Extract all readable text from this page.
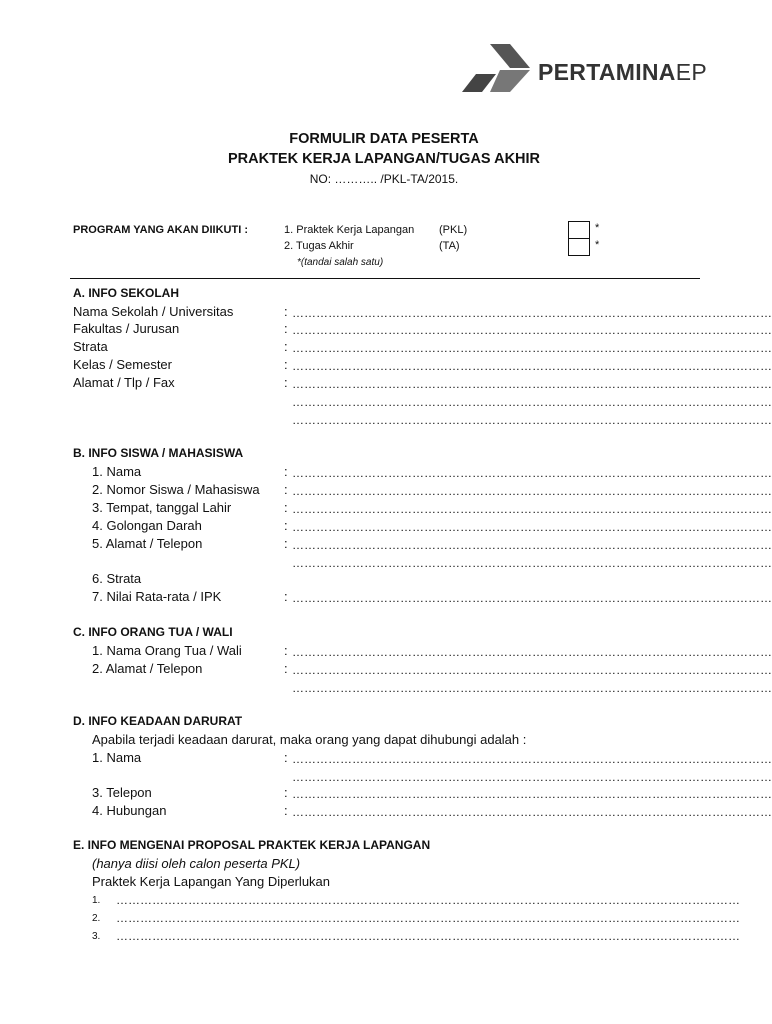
PERTAMINAEP
FORMULIR DATA PESERTA
PRAKTEK KERJA LAPANGAN/TUGAS AKHIR
NO: ……….. /PKL-TA/2015.
PROGRAM YANG AKAN DIIKUTI :	1. Praktek Kerja Lapangan (PKL)
2. Tugas Akhir	(TA)
*
*
*(tandai salah satu)
A. INFO SEKOLAH
Nama Sekolah / Universitas	: …………………………………………………………………………………………………………
Fakultas / Jurusan	: …………………………………………………………………………………………………………
Strata	: …………………………………………………………………………………………………………
Kelas / Semester	: …………………………………………………………………………………………………………
Alamat / Tlp / Fax	: …………………………………………………………………………………………………………
…………………………………………………………………………………………………………
…………………………………………………………………………………………………………
B. INFO SISWA / MAHASISWA
1. Nama	: …………………………………………………………………………………………………………
2. Nomor Siswa / Mahasiswa : …………………………………………………………………………………………………………
3. Tempat, tanggal Lahir	: …………………………………………………………………………………………………………
4. Golongan Darah	: …………………………………………………………………………………………………………
5. Alamat / Telepon	: …………………………………………………………………………………………………………
…………………………………………………………………………………………………………
6. Strata
7. Nilai Rata-rata / IPK	: …………………………………………………………………………………………………………
C. INFO ORANG TUA / WALI
1. Nama Orang Tua / Wali	: …………………………………………………………………………………………………………
2. Alamat / Telepon	: …………………………………………………………………………………………………………
…………………………………………………………………………………………………………
D. INFO KEADAAN DARURAT
Apabila terjadi keadaan darurat, maka orang yang dapat dihubungi adalah :
1. Nama	: …………………………………………………………………………………………………………
…………………………………………………………………………………………………………
3. Telepon	: …………………………………………………………………………………………………………
4. Hubungan	: …………………………………………………………………………………………………………
E. INFO MENGENAI PROPOSAL PRAKTEK KERJA LAPANGAN
(hanya diisi oleh calon peserta PKL)
Praktek Kerja Lapangan Yang Diperlukan
1. …………………………………………………………………………………………………………………………………………
2. …………………………………………………………………………………………………………………………………………
3. …………………………………………………………………………………………………………………………………………
